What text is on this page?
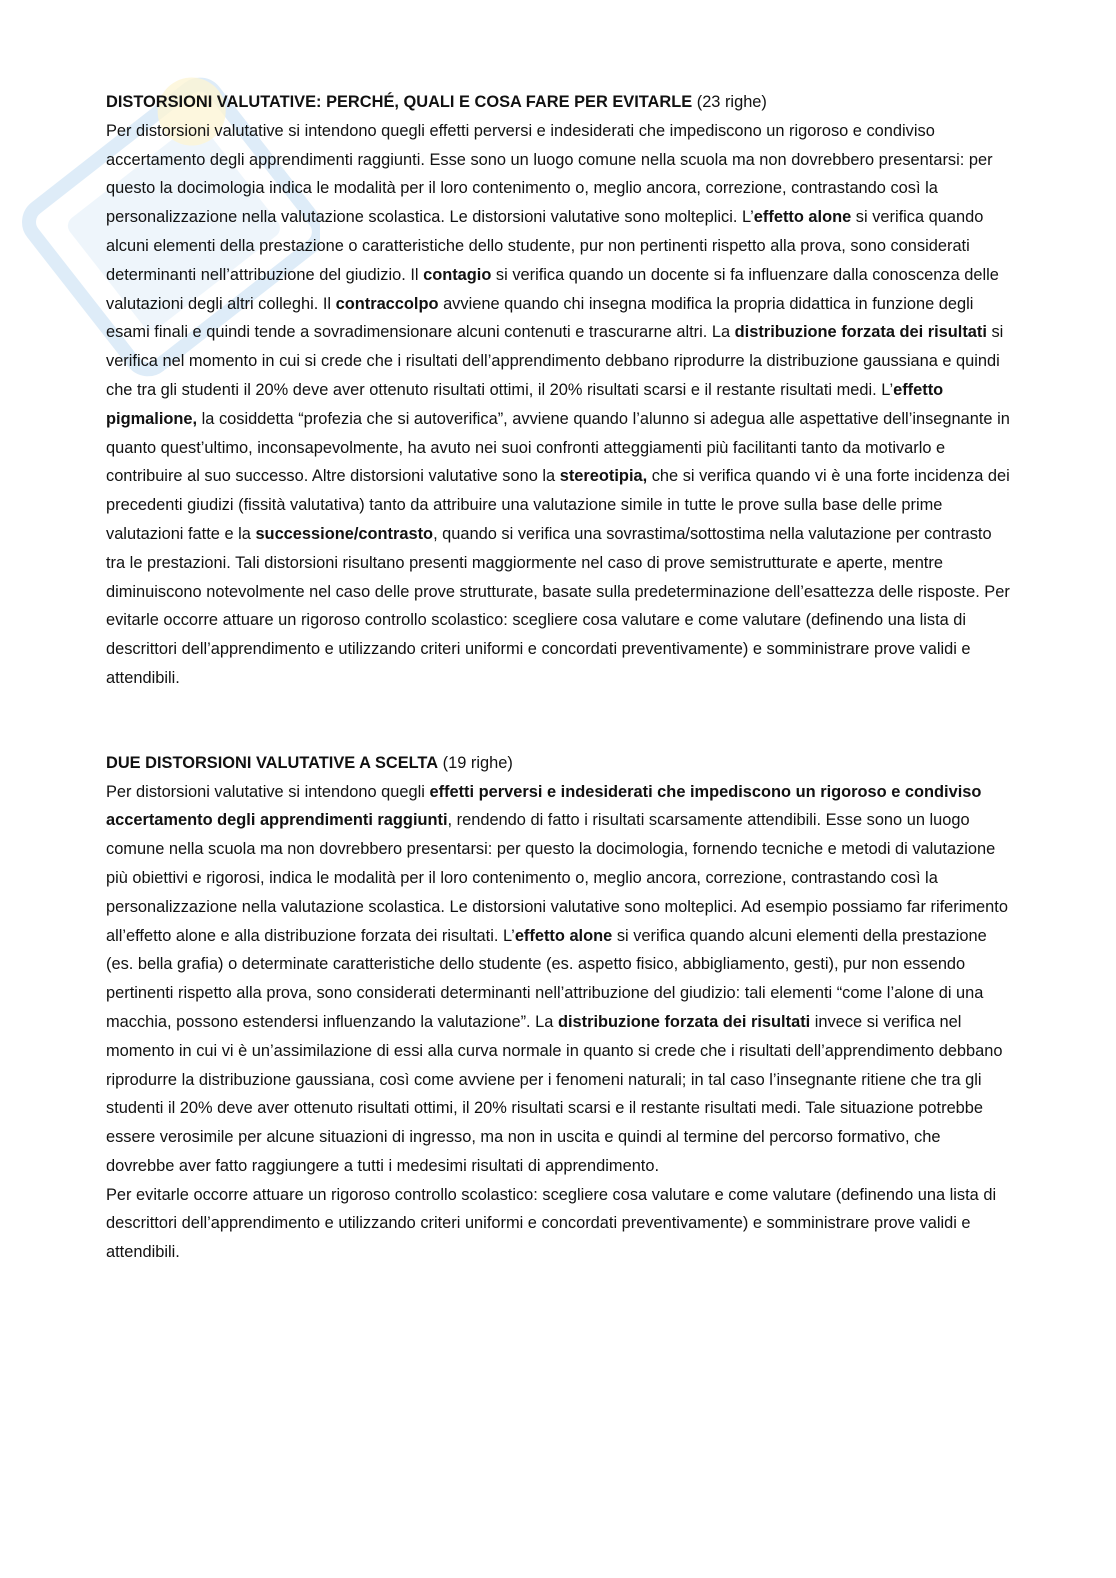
DISTORSIONI VALUTATIVE: PERCHÉ, QUALI E COSA FARE PER EVITARLE (23 righe)

Per distorsioni valutative si intendono quegli effetti perversi e indesiderati che impediscono un rigoroso e condiviso accertamento degli apprendimenti raggiunti. Esse sono un luogo comune nella scuola ma non dovrebbero presentarsi: per questo la docimologia indica le modalità per il loro contenimento o, meglio ancora, correzione, contrastando così la personalizzazione nella valutazione scolastica. Le distorsioni valutative sono molteplici. L’effetto alone si verifica quando alcuni elementi della prestazione o caratteristiche dello studente, pur non pertinenti rispetto alla prova, sono considerati determinanti nell’attribuzione del giudizio. Il contagio si verifica quando un docente si fa influenzare dalla conoscenza delle valutazioni degli altri colleghi. Il contraccolpo avviene quando chi insegna modifica la propria didattica in funzione degli esami finali e quindi tende a sovradimensionare alcuni contenuti e trascurarne altri. La distribuzione forzata dei risultati si verifica nel momento in cui si crede che i risultati dell’apprendimento debbano riprodurre la distribuzione gaussiana e quindi che tra gli studenti il 20% deve aver ottenuto risultati ottimi, il 20% risultati scarsi e il restante risultati medi. L’effetto pigmalione, la cosiddetta “profezia che si autoverifica”, avviene quando l’alunno si adegua alle aspettative dell’insegnante in quanto quest’ultimo, inconsapevolmente, ha avuto nei suoi confronti atteggiamenti più facilitanti tanto da motivarlo e contribuire al suo successo. Altre distorsioni valutative sono la stereotipia, che si verifica quando vi è una forte incidenza dei precedenti giudizi (fissità valutativa) tanto da attribuire una valutazione simile in tutte le prove sulla base delle prime valutazioni fatte e la successione/contrasto, quando si verifica una sovrastima/sottostima nella valutazione per contrasto tra le prestazioni. Tali distorsioni risultano presenti maggiormente nel caso di prove semistrutturate e aperte, mentre diminuiscono notevolmente nel caso delle prove strutturate, basate sulla predeterminazione dell’esattezza delle risposte. Per evitarle occorre attuare un rigoroso controllo scolastico: scegliere cosa valutare e come valutare (definendo una lista di descrittori dell’apprendimento e utilizzando criteri uniformi e concordati preventivamente) e somministrare prove validi e attendibili.

DUE DISTORSIONI VALUTATIVE A SCELTA (19 righe)

Per distorsioni valutative si intendono quegli effetti perversi e indesiderati che impediscono un rigoroso e condiviso accertamento degli apprendimenti raggiunti, rendendo di fatto i risultati scarsamente attendibili. Esse sono un luogo comune nella scuola ma non dovrebbero presentarsi: per questo la docimologia, fornendo tecniche e metodi di valutazione più obiettivi e rigorosi, indica le modalità per il loro contenimento o, meglio ancora, correzione, contrastando così la personalizzazione nella valutazione scolastica. Le distorsioni valutative sono molteplici. Ad esempio possiamo far riferimento all’effetto alone e alla distribuzione forzata dei risultati. L’effetto alone si verifica quando alcuni elementi della prestazione (es. bella grafia) o determinate caratteristiche dello studente (es. aspetto fisico, abbigliamento, gesti), pur non essendo pertinenti rispetto alla prova, sono considerati determinanti nell’attribuzione del giudizio: tali elementi “come l’alone di una macchia, possono estendersi influenzando la valutazione”. La distribuzione forzata dei risultati invece si verifica nel momento in cui vi è un’assimilazione di essi alla curva normale in quanto si crede che i risultati dell’apprendimento debbano riprodurre la distribuzione gaussiana, così come avviene per i fenomeni naturali; in tal caso l’insegnante ritiene che tra gli studenti il 20% deve aver ottenuto risultati ottimi, il 20% risultati scarsi e il restante risultati medi. Tale situazione potrebbe essere verosimile per alcune situazioni di ingresso, ma non in uscita e quindi al termine del percorso formativo, che dovrebbe aver fatto raggiungere a tutti i medesimi risultati di apprendimento.

Per evitarle occorre attuare un rigoroso controllo scolastico: scegliere cosa valutare e come valutare (definendo una lista di descrittori dell’apprendimento e utilizzando criteri uniformi e concordati preventivamente) e somministrare prove validi e attendibili.
